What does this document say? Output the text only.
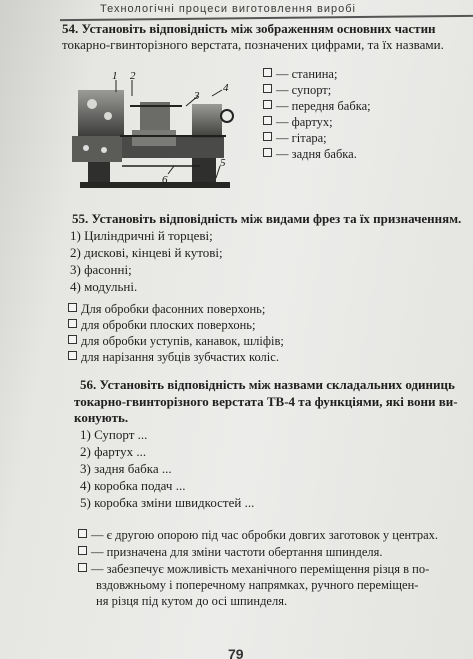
Технологічні процеси виготовлення виробі
54. Установіть відповідність між зображенням основних частин
токарно-гвинторізного верстата, позначених цифрами, та їх назвами.
1 2
3
4
5
6
— станина;
— супорт;
— передня бабка;
— фартух;
— гітара;
— задня бабка.
55. Установіть відповідність між видами фрез та їх призначенням.
1) Циліндричні й торцеві;
2) дискові, кінцеві й кутові;
3) фасонні;
4) модульні.
Для обробки фасонних поверхонь;
для обробки плоских поверхонь;
для обробки уступів, канавок, шліфів;
для нарізання зубців зубчастих коліс.
56. Установіть відповідність між назвами складальних одиниць
токарно-гвинторізного верстата ТВ-4 та функціями, які вони ви-
конують.
1) Супорт ...
2) фартух ...
3) задня бабка ...
4) коробка подач ...
5) коробка зміни швидкостей ...
— є другою опорою під час обробки довгих заготовок у центрах.
— призначена для зміни частоти обертання шпинделя.
— забезпечує можливість механічного переміщення різця в по-
вздовжньому і поперечному напрямках, ручного переміщен-
ня різця під кутом до осі шпинделя.
79
